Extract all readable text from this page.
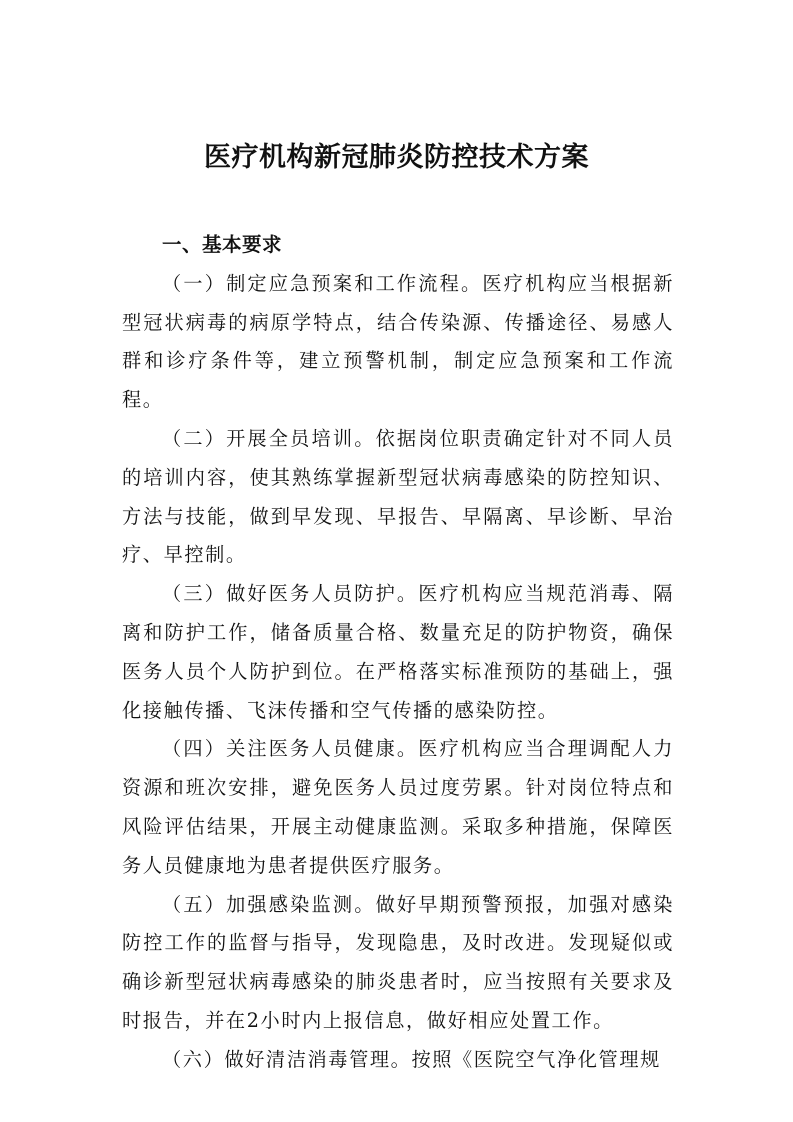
医疗机构新冠肺炎防控技术方案
一、基本要求

（一）制定应急预案和工作流程。医疗机构应当根据新型冠状病毒的病原学特点，结合传染源、传播途径、易感人群和诊疗条件等，建立预警机制，制定应急预案和工作流程。

（二）开展全员培训。依据岗位职责确定针对不同人员的培训内容，使其熟练掌握新型冠状病毒感染的防控知识、方法与技能，做到早发现、早报告、早隔离、早诊断、早治疗、早控制。

（三）做好医务人员防护。医疗机构应当规范消毒、隔离和防护工作，储备质量合格、数量充足的防护物资，确保医务人员个人防护到位。在严格落实标准预防的基础上，强化接触传播、飞沫传播和空气传播的感染防控。

（四）关注医务人员健康。医疗机构应当合理调配人力资源和班次安排，避免医务人员过度劳累。针对岗位特点和风险评估结果，开展主动健康监测。采取多种措施，保障医务人员健康地为患者提供医疗服务。

（五）加强感染监测。做好早期预警预报，加强对感染防控工作的监督与指导，发现隐患，及时改进。发现疑似或确诊新型冠状病毒感染的肺炎患者时，应当按照有关要求及时报告，并在2小时内上报信息，做好相应处置工作。

（六）做好清洁消毒管理。按照《医院空气净化管理规
